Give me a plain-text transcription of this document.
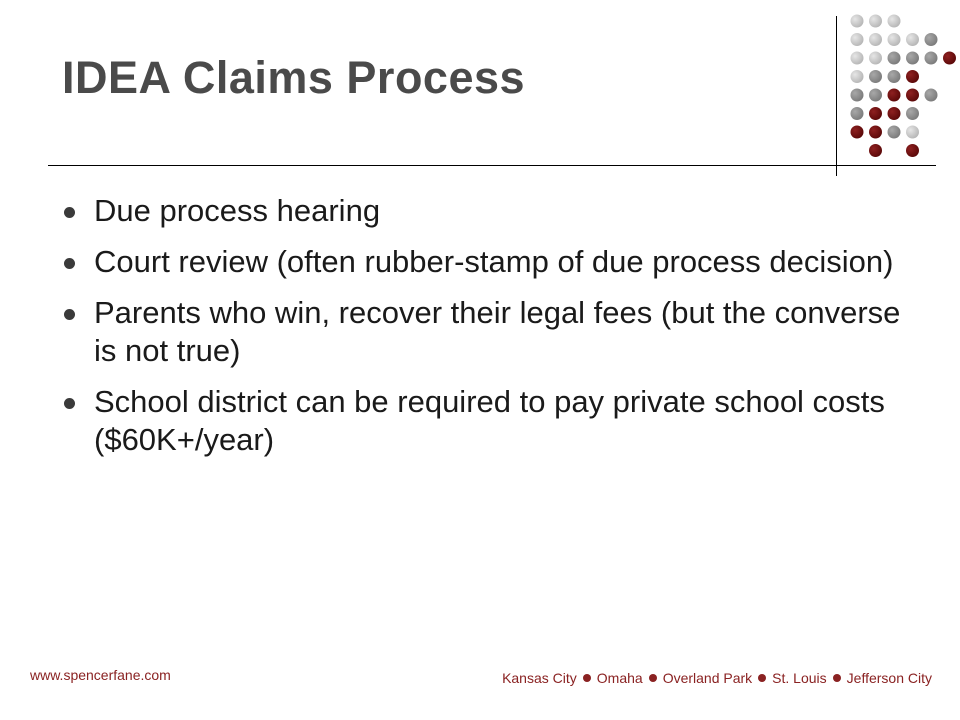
IDEA Claims Process
Due process hearing
Court review (often rubber-stamp of due process decision)
Parents who win, recover their legal fees (but the converse is not true)
School district can be required to pay private school costs ($60K+/year)
www.spencerfane.com	Kansas City Omaha Overland Park St. Louis Jefferson City
